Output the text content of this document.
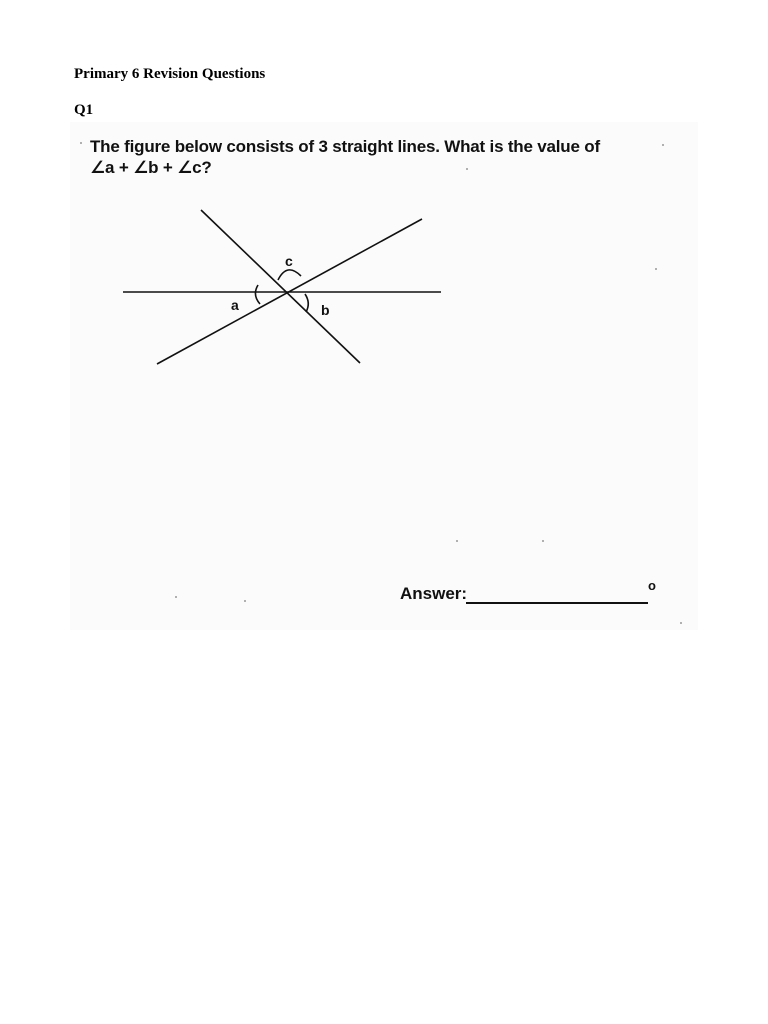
Primary 6 Revision Questions
Q1

The figure below consists of 3 straight lines. What is the value of
∠a + ∠b + ∠c?

c
a	b
Answer:	o
